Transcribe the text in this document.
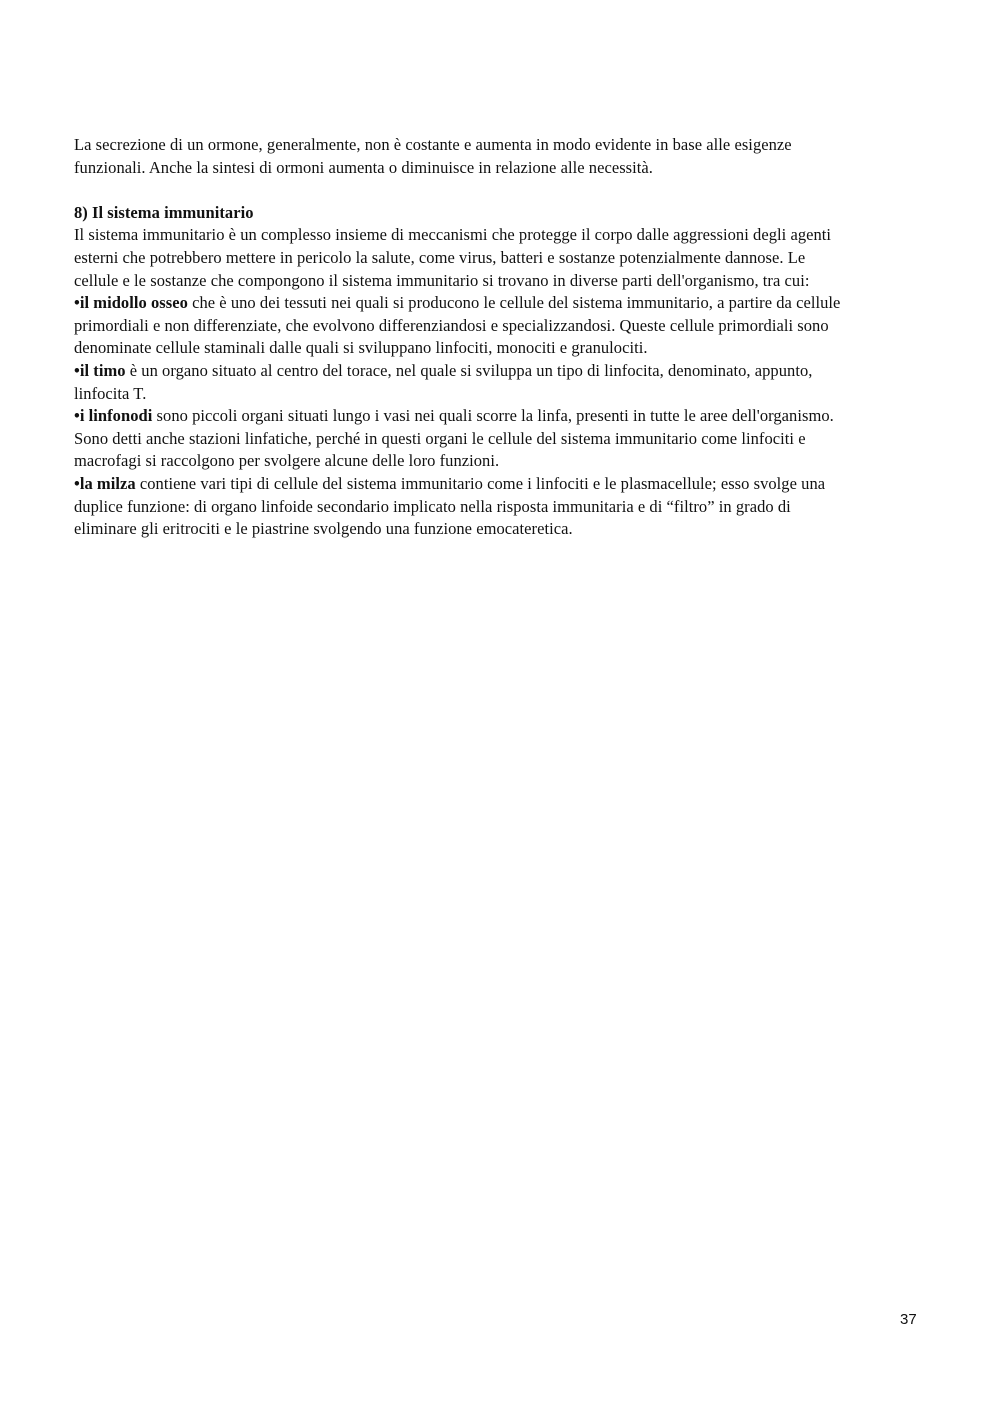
La secrezione di un ormone, generalmente, non è costante e aumenta in modo evidente in base alle esigenze

funzionali. Anche la sintesi di ormoni aumenta o diminuisce in relazione alle necessità.

8) Il sistema immunitario

Il sistema immunitario è un complesso insieme di meccanismi che protegge il corpo dalle aggressioni degli agenti

esterni che potrebbero mettere in pericolo la salute, come virus, batteri e sostanze potenzialmente dannose. Le

cellule e le sostanze che compongono il sistema immunitario si trovano in diverse parti dell'organismo, tra cui:

•il midollo osseo che è uno dei tessuti nei quali si producono le cellule del sistema immunitario, a partire da cellule

primordiali e non differenziate, che evolvono differenziandosi e specializzandosi. Queste cellule primordiali sono

denominate cellule staminali dalle quali si sviluppano linfociti, monociti e granulociti.

•il timo è un organo situato al centro del torace, nel quale si sviluppa un tipo di linfocita, denominato, appunto,

linfocita T.

•i linfonodi sono piccoli organi situati lungo i vasi nei quali scorre la linfa, presenti in tutte le aree dell'organismo.

Sono detti anche stazioni linfatiche, perché in questi organi le cellule del sistema immunitario come linfociti e

macrofagi si raccolgono per svolgere alcune delle loro funzioni.

•la milza contiene vari tipi di cellule del sistema immunitario come i linfociti e le plasmacellule; esso svolge una

duplice funzione: di organo linfoide secondario implicato nella risposta immunitaria e di “filtro” in grado di

eliminare gli eritrociti e le piastrine svolgendo una funzione emocateretica.

37
